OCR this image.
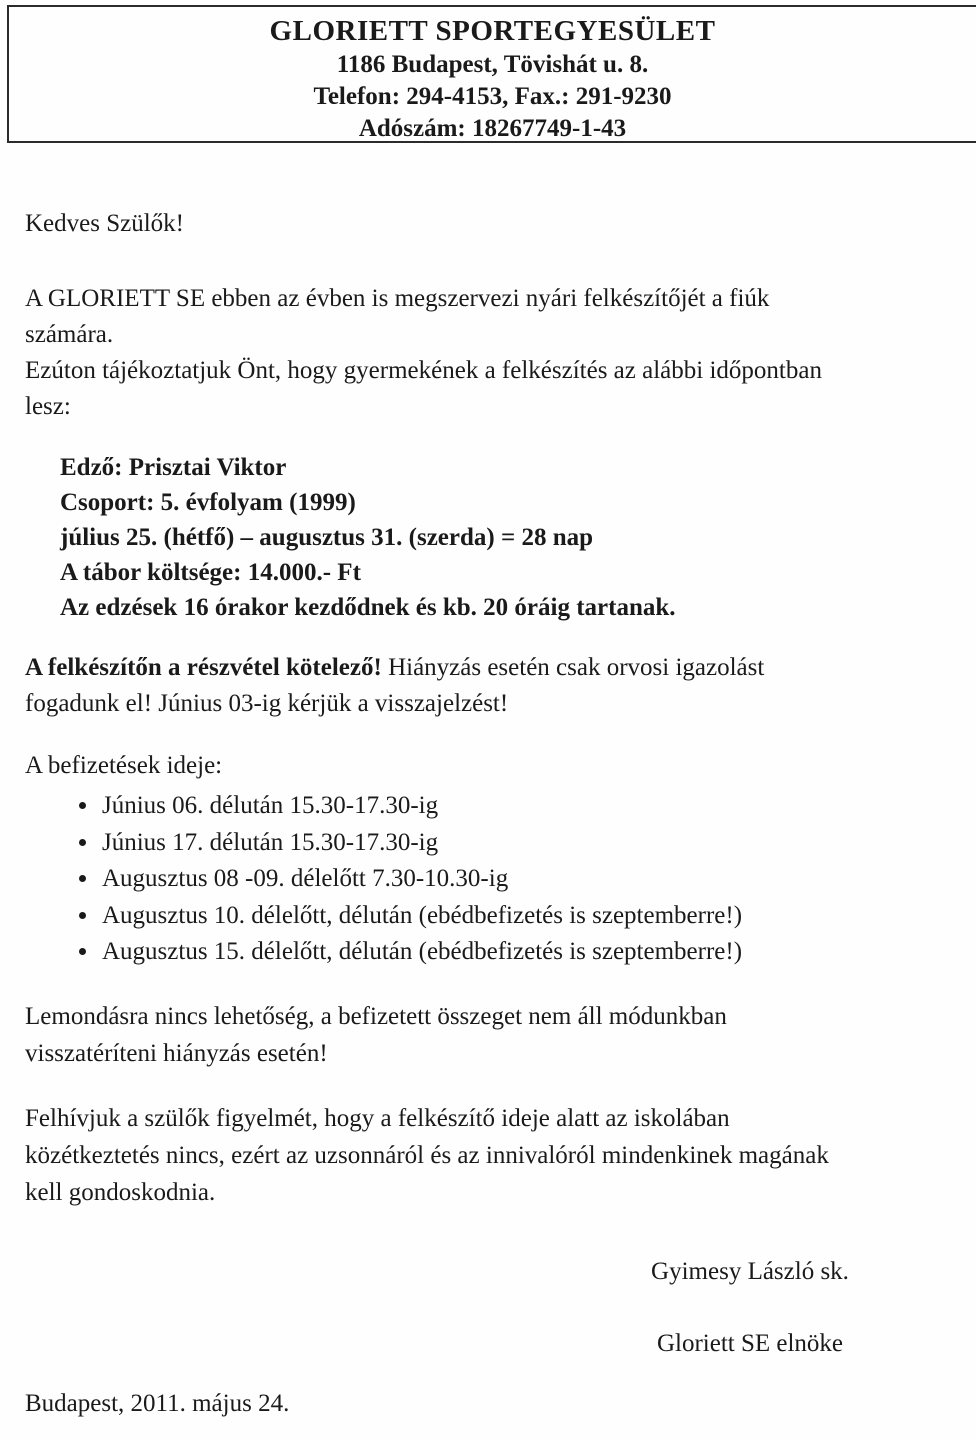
GLORIETT SPORTEGYESÜLET
1186 Budapest, Tövishát u. 8.
Telefon: 294-4153, Fax.: 291-9230
Adószám: 18267749-1-43
Kedves Szülők!
A GLORIETT SE ebben az évben is megszervezi nyári felkészítőjét a fiúk
számára.
Ezúton tájékoztatjuk Önt, hogy gyermekének a felkészítés az alábbi időpontban
lesz:
Edző: Prisztai Viktor
Csoport: 5. évfolyam (1999)
július 25. (hétfő) – augusztus 31. (szerda) = 28 nap
A tábor költsége: 14.000.- Ft
Az edzések 16 órakor kezdődnek és kb. 20 óráig tartanak.
A felkészítőn a részvétel kötelező! Hiányzás esetén csak orvosi igazolást
fogadunk el! Június 03-ig kérjük a visszajelzést!
A befizetések ideje:
• Június 06. délután 15.30-17.30-ig
• Június 17. délután 15.30-17.30-ig
• Augusztus 08 -09. délelőtt 7.30-10.30-ig
• Augusztus 10. délelőtt, délután (ebédbefizetés is szeptemberre!)
• Augusztus 15. délelőtt, délután (ebédbefizetés is szeptemberre!)
Lemondásra nincs lehetőség, a befizetett összeget nem áll módunkban
visszatéríteni hiányzás esetén!
Felhívjuk a szülők figyelmét, hogy a felkészítő ideje alatt az iskolában
közétkeztetés nincs, ezért az uzsonnáról és az innivalóról mindenkinek magának
kell gondoskodnia.
Gyimesy László sk.
Gloriett SE elnöke
Budapest, 2011. május 24.
